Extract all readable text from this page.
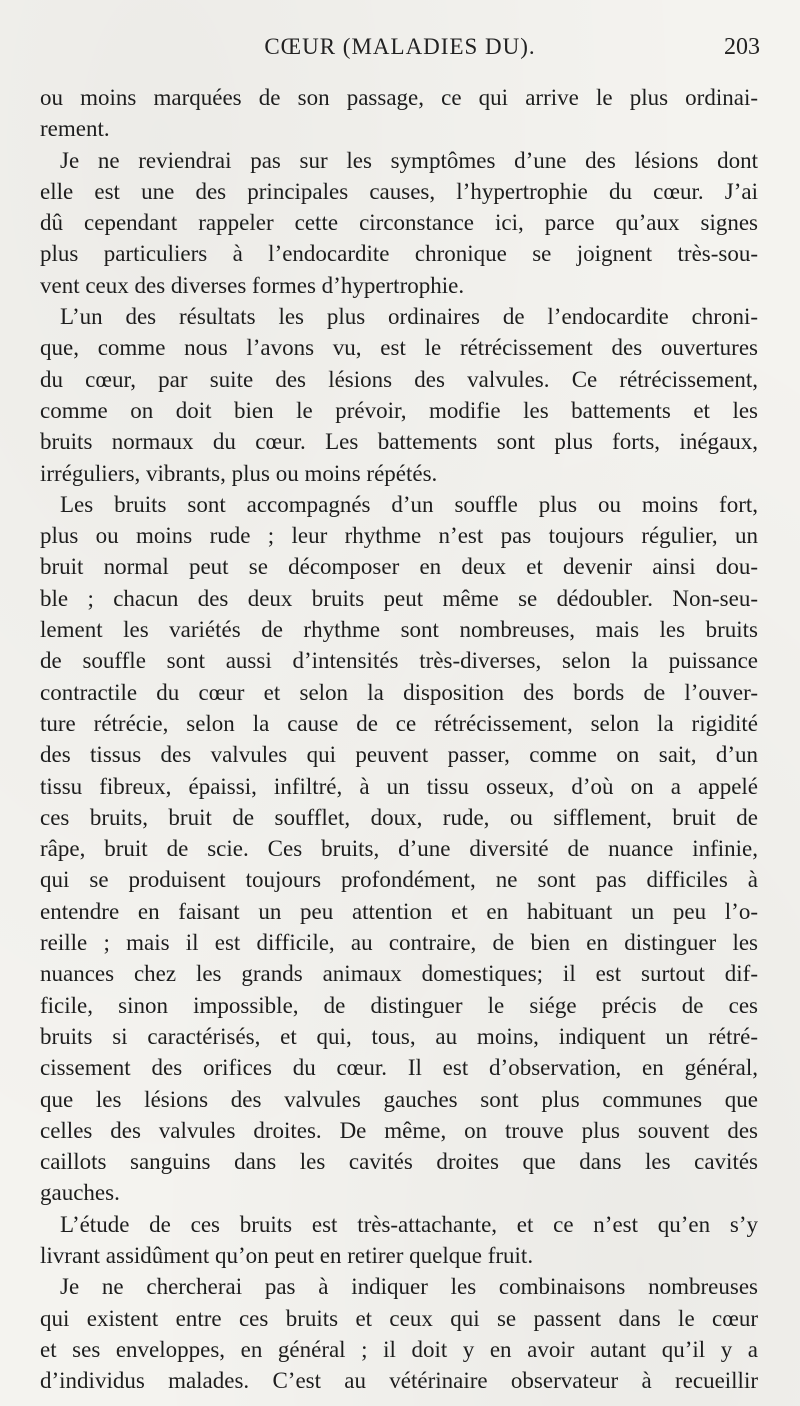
CŒUR (MALADIES DU).	203
ou moins marquées de son passage, ce qui arrive le plus ordinai-
rement.
Je ne reviendrai pas sur les symptômes d’une des lésions dont
elle est une des principales causes, l’hypertrophie du cœur. J’ai
dû cependant rappeler cette circonstance ici, parce qu’aux signes
plus particuliers à l’endocardite chronique se joignent très-sou-
vent ceux des diverses formes d’hypertrophie.
L’un des résultats les plus ordinaires de l’endocardite chroni-
que, comme nous l’avons vu, est le rétrécissement des ouvertures
du cœur, par suite des lésions des valvules. Ce rétrécissement,
comme on doit bien le prévoir, modifie les battements et les
bruits normaux du cœur. Les battements sont plus forts, inégaux,
irréguliers, vibrants, plus ou moins répétés.
Les bruits sont accompagnés d’un souffle plus ou moins fort,
plus ou moins rude ; leur rhythme n’est pas toujours régulier, un
bruit normal peut se décomposer en deux et devenir ainsi dou-
ble ; chacun des deux bruits peut même se dédoubler. Non-seu-
lement les variétés de rhythme sont nombreuses, mais les bruits
de souffle sont aussi d’intensités très-diverses, selon la puissance
contractile du cœur et selon la disposition des bords de l’ouver-
ture rétrécie, selon la cause de ce rétrécissement, selon la rigidité
des tissus des valvules qui peuvent passer, comme on sait, d’un
tissu fibreux, épaissi, infiltré, à un tissu osseux, d’où on a appelé
ces bruits, bruit de soufflet, doux, rude, ou sifflement, bruit de
râpe, bruit de scie. Ces bruits, d’une diversité de nuance infinie,
qui se produisent toujours profondément, ne sont pas difficiles à
entendre en faisant un peu attention et en habituant un peu l’o-
reille ; mais il est difficile, au contraire, de bien en distinguer les
nuances chez les grands animaux domestiques; il est surtout dif-
ficile, sinon impossible, de distinguer le siége précis de ces
bruits si caractérisés, et qui, tous, au moins, indiquent un rétré-
cissement des orifices du cœur. Il est d’observation, en général,
que les lésions des valvules gauches sont plus communes que
celles des valvules droites. De même, on trouve plus souvent des
caillots sanguins dans les cavités droites que dans les cavités
gauches.
L’étude de ces bruits est très-attachante, et ce n’est qu’en s’y
livrant assidûment qu’on peut en retirer quelque fruit.
Je ne chercherai pas à indiquer les combinaisons nombreuses
qui existent entre ces bruits et ceux qui se passent dans le cœur
et ses enveloppes, en général ; il doit y en avoir autant qu’il y a
d’individus malades. C’est au vétérinaire observateur à recueillir
